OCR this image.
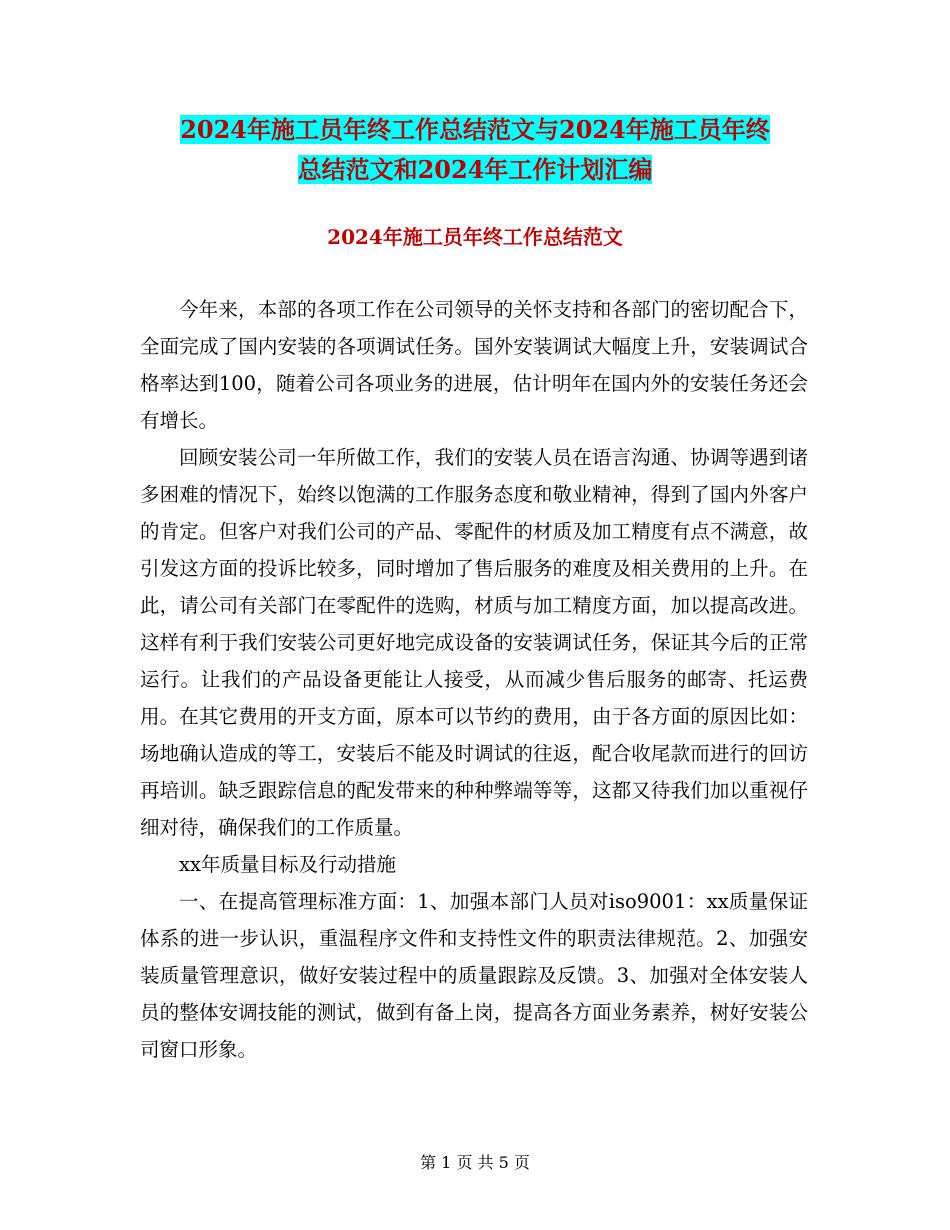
2024年施工员年终工作总结范文与2024年施工员年终
总结范文和2024年工作计划汇编
2024年施工员年终工作总结范文

今年来，本部的各项工作在公司领导的关怀支持和各部门的密切配合下，全面完成了国内安装的各项调试任务。国外安装调试大幅度上升，安装调试合格率达到100，随着公司各项业务的进展，估计明年在国内外的安装任务还会有增长。

回顾安装公司一年所做工作，我们的安装人员在语言沟通、协调等遇到诸多困难的情况下，始终以饱满的工作服务态度和敬业精神，得到了国内外客户的肯定。但客户对我们公司的产品、零配件的材质及加工精度有点不满意，故引发这方面的投诉比较多，同时增加了售后服务的难度及相关费用的上升。在此，请公司有关部门在零配件的选购，材质与加工精度方面，加以提高改进。这样有利于我们安装公司更好地完成设备的安装调试任务，保证其今后的正常运行。让我们的产品设备更能让人接受，从而减少售后服务的邮寄、托运费用。在其它费用的开支方面，原本可以节约的费用，由于各方面的原因比如：场地确认造成的等工，安装后不能及时调试的往返，配合收尾款而进行的回访再培训。缺乏跟踪信息的配发带来的种种弊端等等，这都又待我们加以重视仔细对待，确保我们的工作质量。

xx年质量目标及行动措施

一、在提高管理标准方面：1、加强本部门人员对iso9001：xx质量保证体系的进一步认识，重温程序文件和支持性文件的职责法律规范。2、加强安装质量管理意识，做好安装过程中的质量跟踪及反馈。3、加强对全体安装人员的整体安调技能的测试，做到有备上岗，提高各方面业务素养，树好安装公司窗口形象。

第 1 页 共 5 页
